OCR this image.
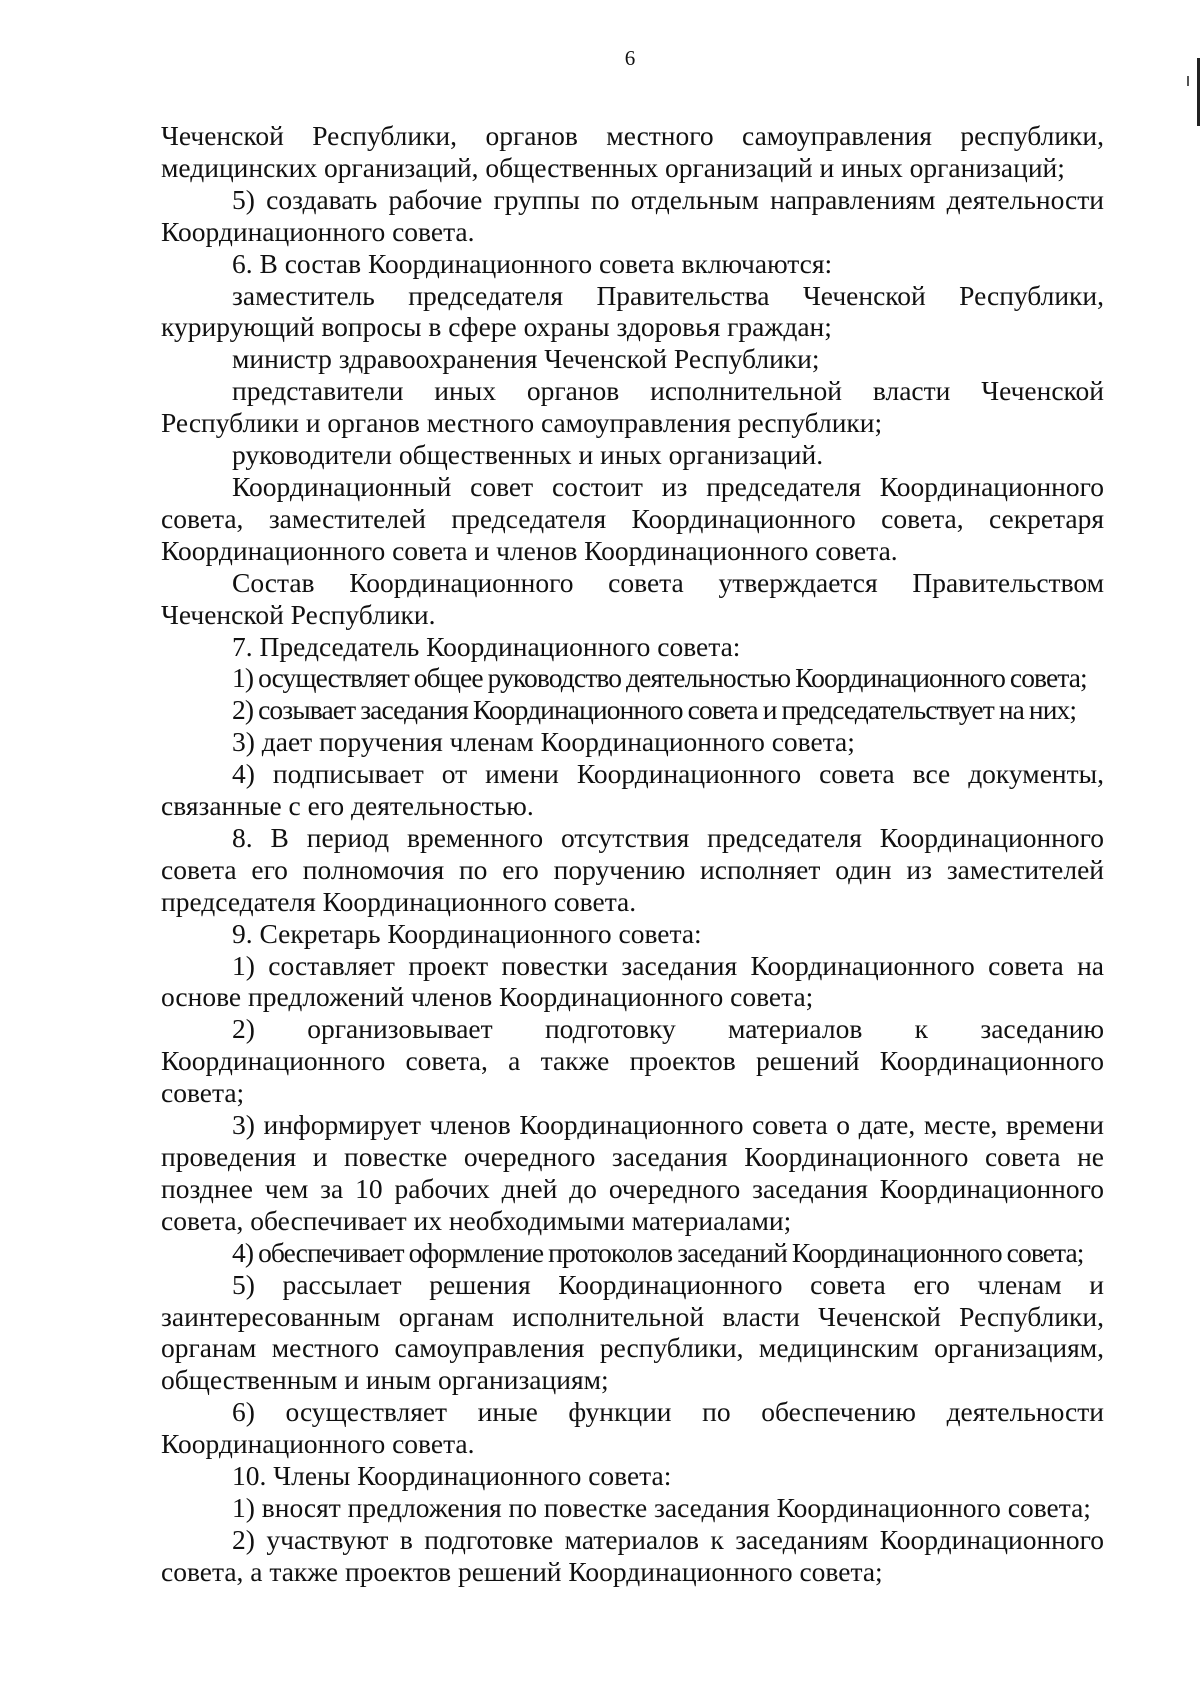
6

Чеченской Республики, органов местного самоуправления республики, медицинских организаций, общественных организаций и иных организаций;

5) создавать рабочие группы по отдельным направлениям деятельности Координационного совета.

6. В состав Координационного совета включаются:

заместитель председателя Правительства Чеченской Республики, курирующий вопросы в сфере охраны здоровья граждан;

министр здравоохранения Чеченской Республики;

представители иных органов исполнительной власти Чеченской Республики и органов местного самоуправления республики;

руководители общественных и иных организаций.

Координационный совет состоит из председателя Координационного совета, заместителей председателя Координационного совета, секретаря Координационного совета и членов Координационного совета.

Состав Координационного совета утверждается Правительством Чеченской Республики.

7. Председатель Координационного совета:

1) осуществляет общее руководство деятельностью Координационного совета;

2) созывает заседания Координационного совета и председательствует на них;

3) дает поручения членам Координационного совета;

4) подписывает от имени Координационного совета все документы, связанные с его деятельностью.

8. В период временного отсутствия председателя Координационного совета его полномочия по его поручению исполняет один из заместителей председателя Координационного совета.

9. Секретарь Координационного совета:

1) составляет проект повестки заседания Координационного совета на основе предложений членов Координационного совета;

2) организовывает подготовку материалов к заседанию Координационного совета, а также проектов решений Координационного совета;

3) информирует членов Координационного совета о дате, месте, времени проведения и повестке очередного заседания Координационного совета не позднее чем за 10 рабочих дней до очередного заседания Координационного совета, обеспечивает их необходимыми материалами;

4) обеспечивает оформление протоколов заседаний Координационного совета;

5) рассылает решения Координационного совета его членам и заинтересованным органам исполнительной власти Чеченской Республики, органам местного самоуправления республики, медицинским организациям, общественным и иным организациям;

6) осуществляет иные функции по обеспечению деятельности Координационного совета.

10. Члены Координационного совета:

1) вносят предложения по повестке заседания Координационного совета;

2) участвуют в подготовке материалов к заседаниям Координационного совета, а также проектов решений Координационного совета;
